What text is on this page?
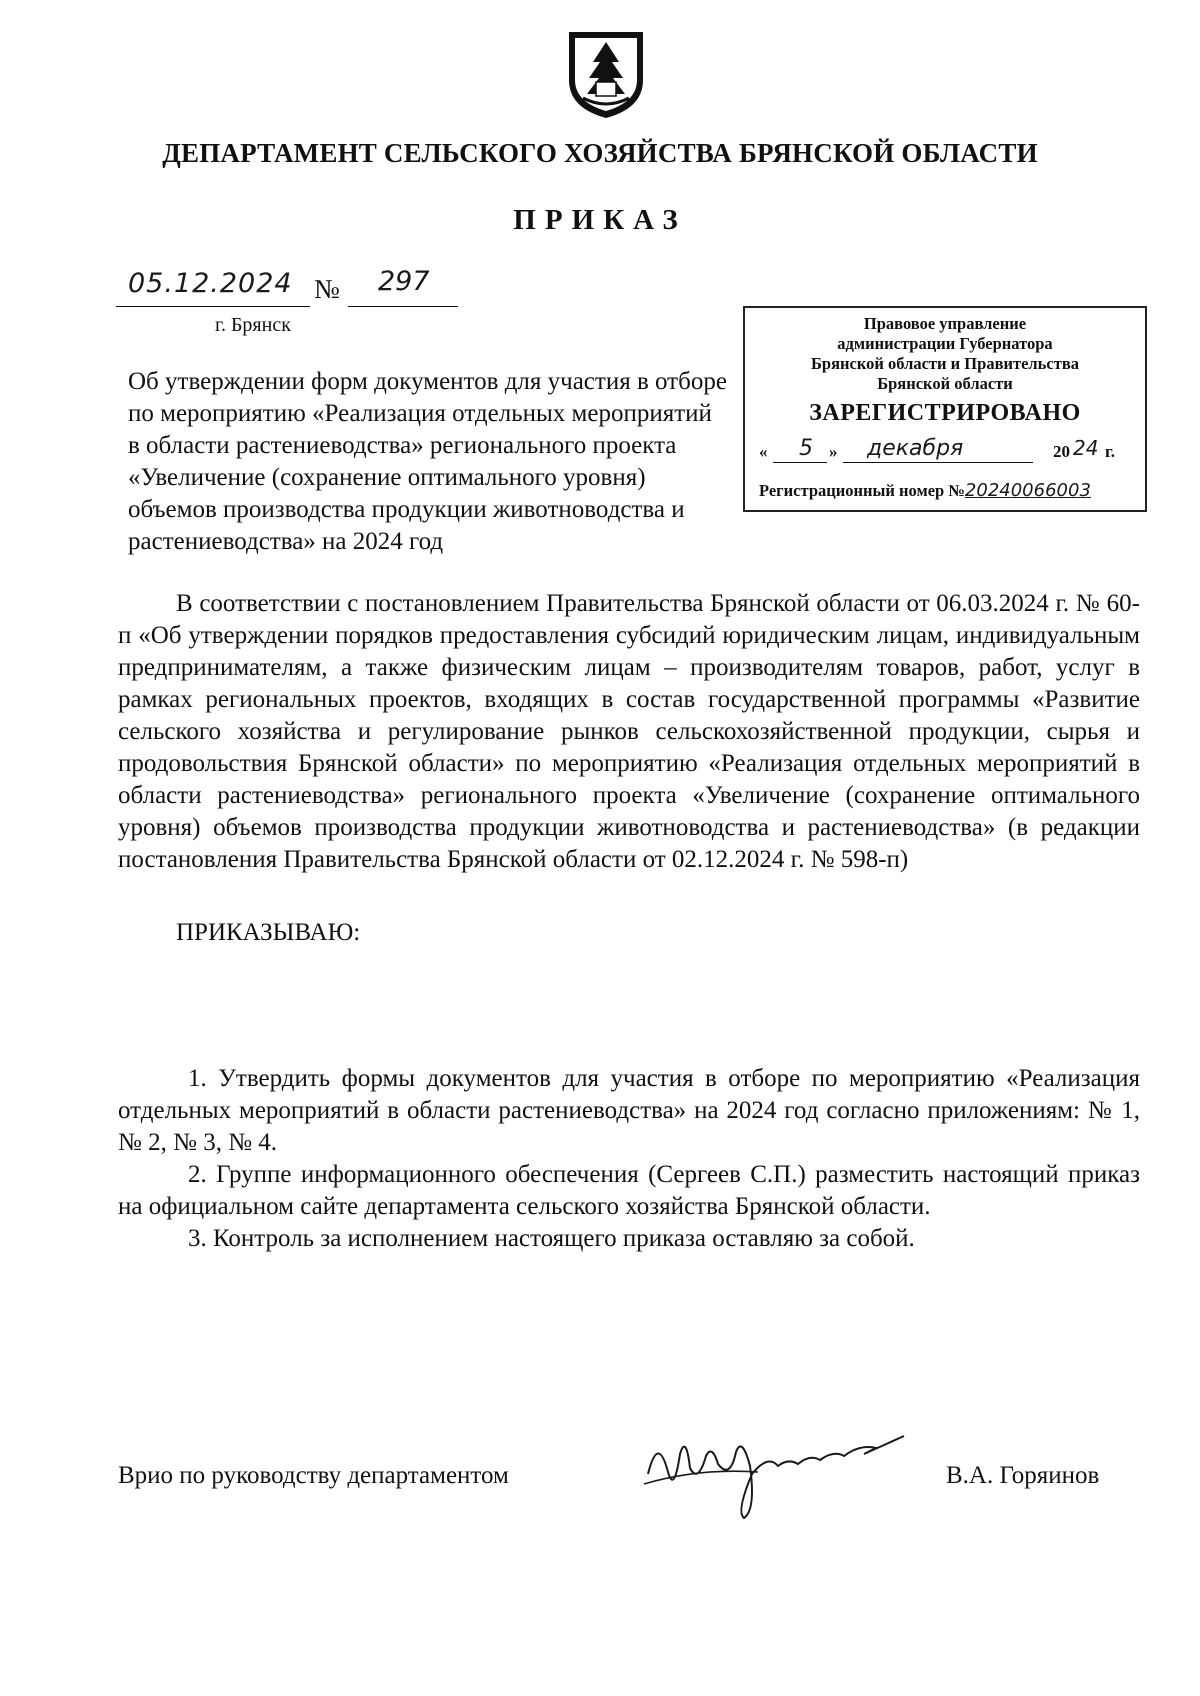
ДЕПАРТАМЕНТ СЕЛЬСКОГО ХОЗЯЙСТВА БРЯНСКОЙ ОБЛАСТИ
ПРИКАЗ
05.12.2024 № 297
г. Брянск
Об утверждении форм документов для участия в отборе по мероприятию «Реализация отдельных мероприятий в области растениеводства» регионального проекта «Увеличение (сохранение оптимального уровня) объемов производства продукции животноводства и растениеводства» на 2024 год
Правовое управление
администрации Губернатора
Брянской области и Правительства
Брянской области
ЗАРЕГИСТРИРОВАНО
« 5 » декабря	20 24 г.
Регистрационный номер №20240066003

В соответствии с постановлением Правительства Брянской области от 06.03.2024 г. № 60-п «Об утверждении порядков предоставления субсидий юридическим лицам, индивидуальным предпринимателям, а также физическим лицам – производителям товаров, работ, услуг в рамках региональных проектов, входящих в состав государственной программы «Развитие сельского хозяйства и регулирование рынков сельскохозяйственной продукции, сырья и продовольствия Брянской области» по мероприятию «Реализация отдельных мероприятий в области растениеводства» регионального проекта «Увеличение (сохранение оптимального уровня) объемов производства продукции животноводства и растениеводства» (в редакции постановления Правительства Брянской области от 02.12.2024 г. № 598-п)

ПРИКАЗЫВАЮ:

1. Утвердить формы документов для участия в отборе по мероприятию «Реализация отдельных мероприятий в области растениеводства» на 2024 год согласно приложениям: № 1, № 2, № 3, № 4.

2. Группе информационного обеспечения (Сергеев С.П.) разместить настоящий приказ на официальном сайте департамента сельского хозяйства Брянской области.

3. Контроль за исполнением настоящего приказа оставляю за собой.

Врио по руководству департаментом	В.А. Горяинов
